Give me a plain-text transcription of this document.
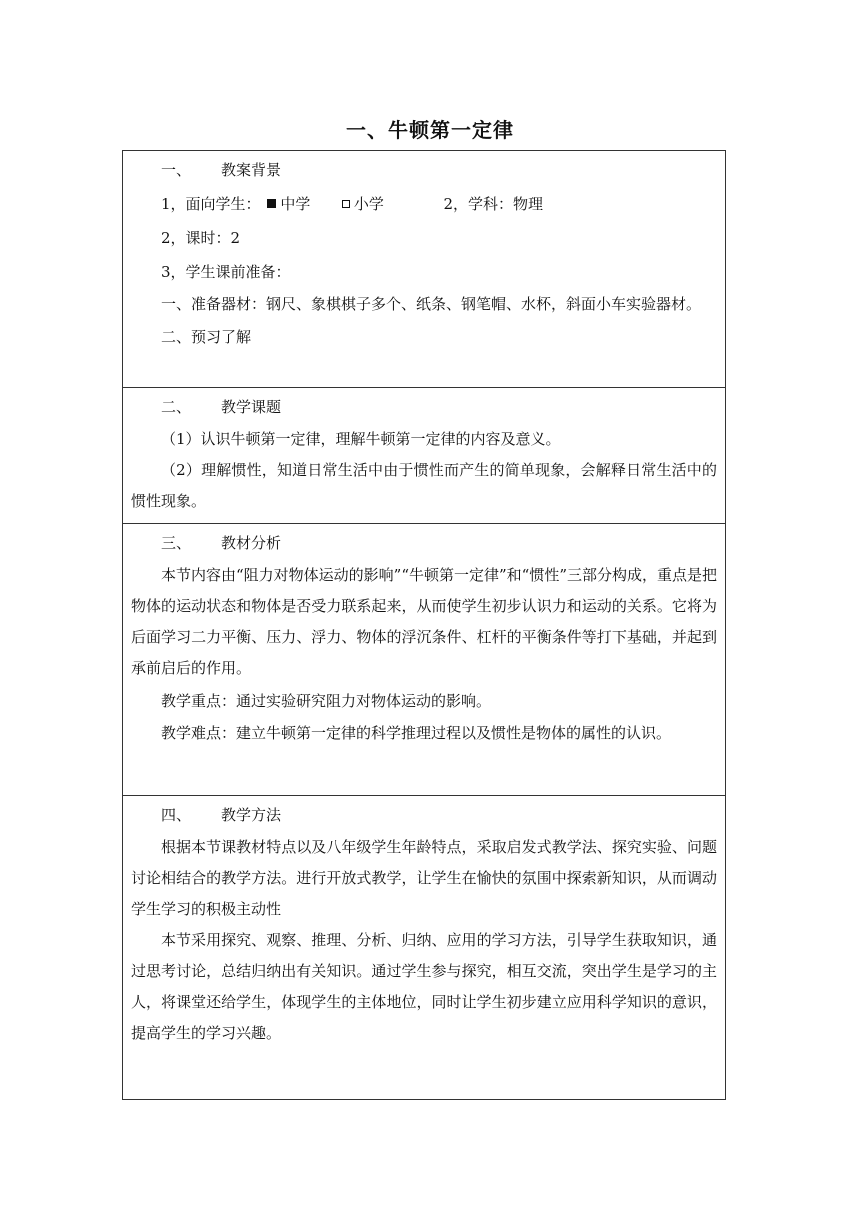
一、牛顿第一定律
一、 教案背景
1，面向学生： 中学	小学	2，学科：物理
2，课时：2
3，学生课前准备：
一、准备器材：钢尺、象棋棋子多个、纸条、钢笔帽、水杯，斜面小车实验器材。
二、预习了解
二、 教学课题
（1）认识牛顿第一定律，理解牛顿第一定律的内容及意义。
（2）理解惯性，知道日常生活中由于惯性而产生的简单现象，会解释日常生活中的惯性现象。
三、 教材分析
本节内容由“阻力对物体运动的影响”“牛顿第一定律”和“惯性”三部分构成，重点是把物体的运动状态和物体是否受力联系起来，从而使学生初步认识力和运动的关系。它将为后面学习二力平衡、压力、浮力、物体的浮沉条件、杠杆的平衡条件等打下基础，并起到承前启后的作用。
教学重点：通过实验研究阻力对物体运动的影响。
教学难点：建立牛顿第一定律的科学推理过程以及惯性是物体的属性的认识。
四、 教学方法
根据本节课教材特点以及八年级学生年龄特点，采取启发式教学法、探究实验、问题讨论相结合的教学方法。进行开放式教学，让学生在愉快的氛围中探索新知识，从而调动学生学习的积极主动性
本节采用探究、观察、推理、分析、归纳、应用的学习方法，引导学生获取知识，通过思考讨论，总结归纳出有关知识。通过学生参与探究，相互交流，突出学生是学习的主人，将课堂还给学生，体现学生的主体地位，同时让学生初步建立应用科学知识的意识，提高学生的学习兴趣。
